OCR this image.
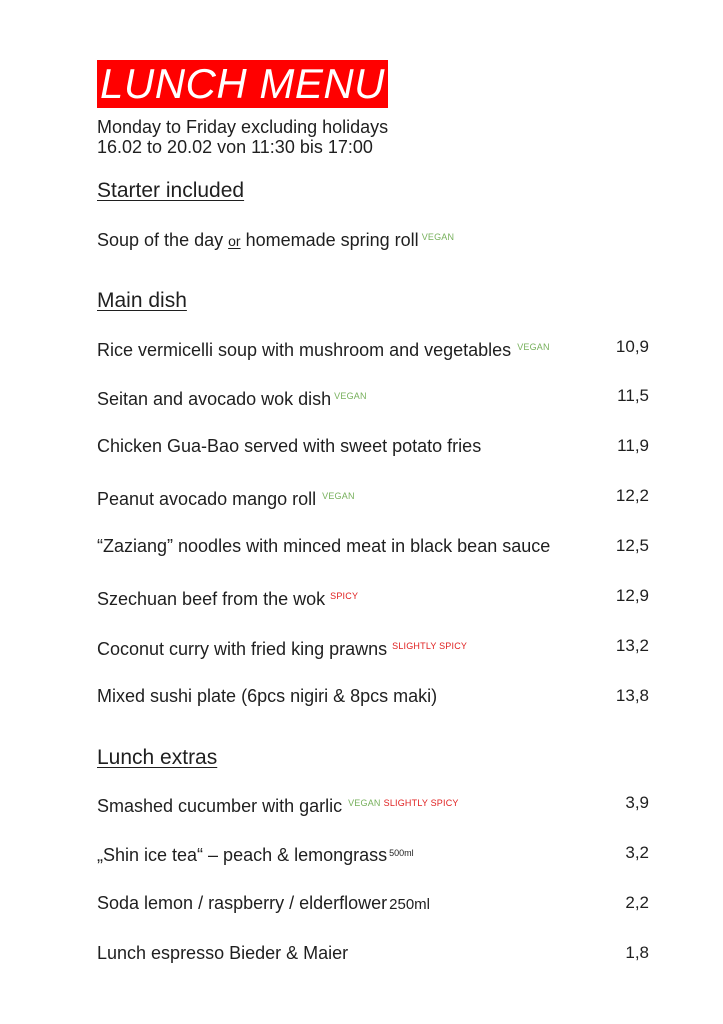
LUNCH MENU
Monday to Friday excluding holidays
16.02 to 20.02 von 11:30 bis 17:00
Starter included
Soup of the day or homemade spring roll $^{VEGAN}$
Main dish
Rice vermicelli soup with mushroom and vegetables $^{VEGAN}$	10,9
Seitan and avocado wok dish $^{VEGAN}$	11,5
Chicken Gua-Bao served with sweet potato fries	11,9
Peanut avocado mango roll $^{VEGAN}$	12,2
“Zaziang” noodles with minced meat in black bean sauce	12,5
Szechuan beef from the wok $^{SPICY}$	12,9
Coconut curry with fried king prawns $^{SLIGHTLY SPICY}$	13,2
Mixed sushi plate (6pcs nigiri & 8pcs maki)	13,8
Lunch extras
Smashed cucumber with garlic $^{VEGAN}$ $^{SLIGHTLY SPICY}$	3,9
„Shin ice tea“ – peach & lemongrass $^{500ml}$	3,2
Soda lemon / raspberry / elderflower 250ml	2,2
Lunch espresso Bieder & Maier	1,8
